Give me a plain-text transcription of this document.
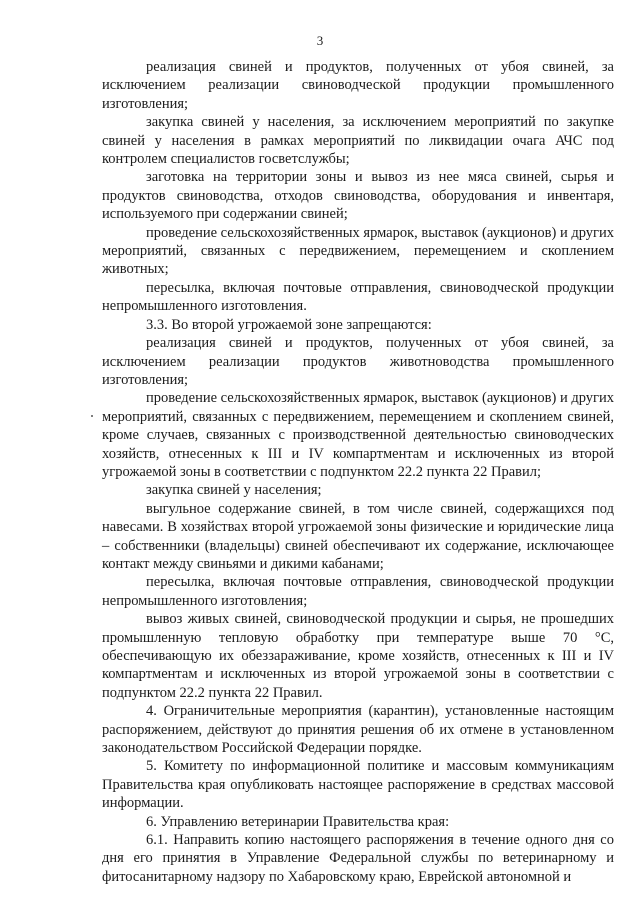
3

реализация свиней и продуктов, полученных от убоя свиней, за исключением реализации свиноводческой продукции промышленного изготовления;

закупка свиней у населения, за исключением мероприятий по закупке свиней у населения в рамках мероприятий по ликвидации очага АЧС под контролем специалистов госветслужбы;

заготовка на территории зоны и вывоз из нее мяса свиней, сырья и продуктов свиноводства, отходов свиноводства, оборудования и инвентаря, используемого при содержании свиней;

проведение сельскохозяйственных ярмарок, выставок (аукционов) и других мероприятий, связанных с передвижением, перемещением и скоплением животных;

пересылка, включая почтовые отправления, свиноводческой продукции непромышленного изготовления.

3.3. Во второй угрожаемой зоне запрещаются:

реализация свиней и продуктов, полученных от убоя свиней, за исключением реализации продуктов животноводства промышленного изготовления;

проведение сельскохозяйственных ярмарок, выставок (аукционов) и других мероприятий, связанных с передвижением, перемещением и скоплением свиней, кроме случаев, связанных с производственной деятельностью свиноводческих хозяйств, отнесенных к III и IV компартментам и исключенных из второй угрожаемой зоны в соответствии с подпунктом 22.2 пункта 22 Правил;

закупка свиней у населения;

выгульное содержание свиней, в том числе свиней, содержащихся под навесами. В хозяйствах второй угрожаемой зоны физические и юридические лица – собственники (владельцы) свиней обеспечивают их содержание, исключающее контакт между свиньями и дикими кабанами;

пересылка, включая почтовые отправления, свиноводческой продукции непромышленного изготовления;

вывоз живых свиней, свиноводческой продукции и сырья, не прошедших промышленную тепловую обработку при температуре выше 70 °С, обеспечивающую их обеззараживание, кроме хозяйств, отнесенных к III и IV компартментам и исключенных из второй угрожаемой зоны в соответствии с подпунктом 22.2 пункта 22 Правил.

4. Ограничительные мероприятия (карантин), установленные настоящим распоряжением, действуют до принятия решения об их отмене в установленном законодательством Российской Федерации порядке.

5. Комитету по информационной политике и массовым коммуникациям Правительства края опубликовать настоящее распоряжение в средствах массовой информации.

6. Управлению ветеринарии Правительства края:

6.1. Направить копию настоящего распоряжения в течение одного дня со дня его принятия в Управление Федеральной службы по ветеринарному и фитосанитарному надзору по Хабаровскому краю, Еврейской автономной и
